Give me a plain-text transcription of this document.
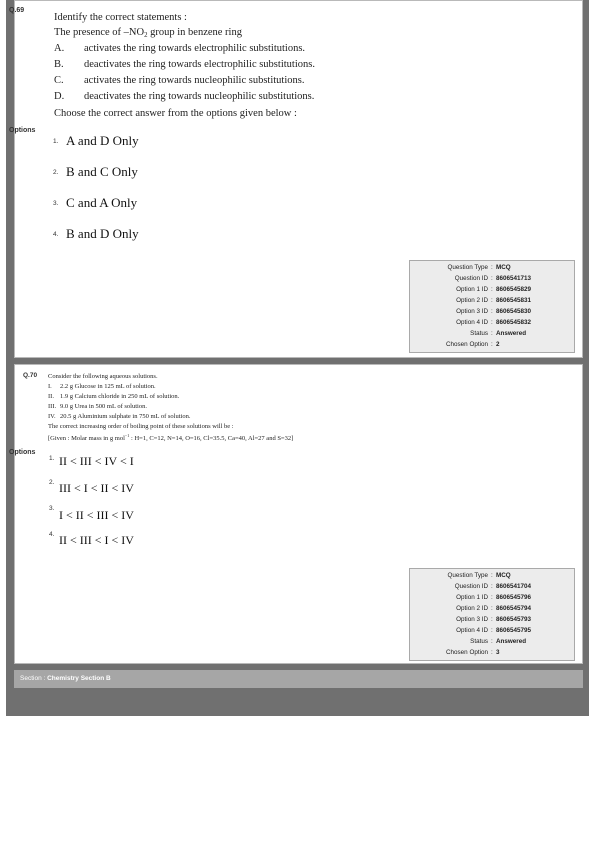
Q.69
Identify the correct statements :
The presence of $-NO_2$ group in benzene ring
A. activates the ring towards electrophilic substitutions.
B. deactivates the ring towards electrophilic substitutions.
C. activates the ring towards nucleophilic substitutions.
D. deactivates the ring towards nucleophilic substitutions.
Choose the correct answer from the options given below :
Options
1. A and D Only
2. B and C Only
3. C and A Only
4. B and D Only
Question Type : MCQ
Question ID : 8606541713
Option 1 ID : 8606545829
Option 2 ID : 8606545831
Option 3 ID : 8606545830
Option 4 ID : 8606545832
Status : Answered
Chosen Option : 2
Q.70 Consider the following aqueous solutions.
I. 2.2 g Glucose in 125 mL of solution.
II. 1.9 g Calcium chloride in 250 mL of solution.
III. 9.0 g Urea in 500 mL of solution.
IV. 20.5 g Aluminium sulphate in 750 mL of solution.
The correct increasing order of boiling point of these solutions will be :
[Given : Molar mass in g mol$^{-1}$ : H=1, C=12, N=14, O=16, Cl=35.5, Ca=40, Al=27 and S=32]
Options
1. II < III < IV < I
2. III < I < II < IV
3. I < II < III < IV
4. II < III < I < IV
Question Type : MCQ
Question ID : 8606541704
Option 1 ID : 8606545796
Option 2 ID : 8606545794
Option 3 ID : 8606545793
Option 4 ID : 8606545795
Status : Answered
Chosen Option : 3
Section : Chemistry Section B
